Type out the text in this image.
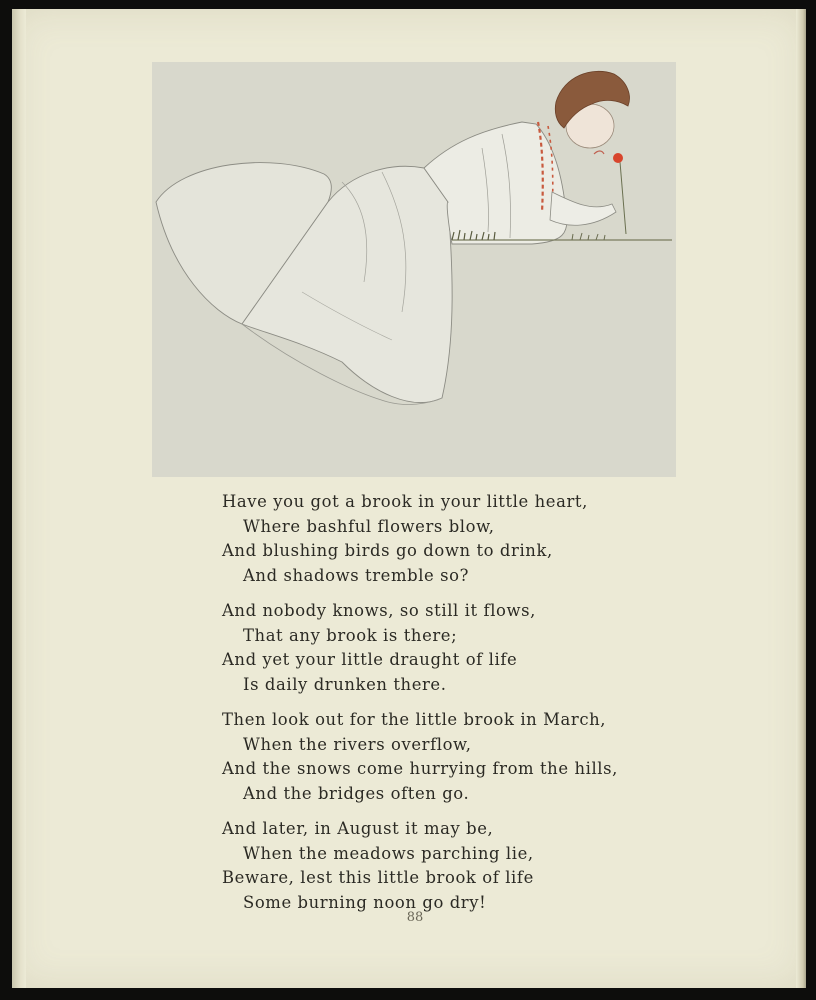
Have you got a brook in your little heart,
Where bashful flowers blow,
And blushing birds go down to drink,
And shadows tremble so?
And nobody knows, so still it flows,
That any brook is there;
And yet your little draught of life
Is daily drunken there.
Then look out for the little brook in March,
When the rivers overflow,
And the snows come hurrying from the hills,
And the bridges often go.
And later, in August it may be,
When the meadows parching lie,
Beware, lest this little brook of life
Some burning noon go dry!
88
